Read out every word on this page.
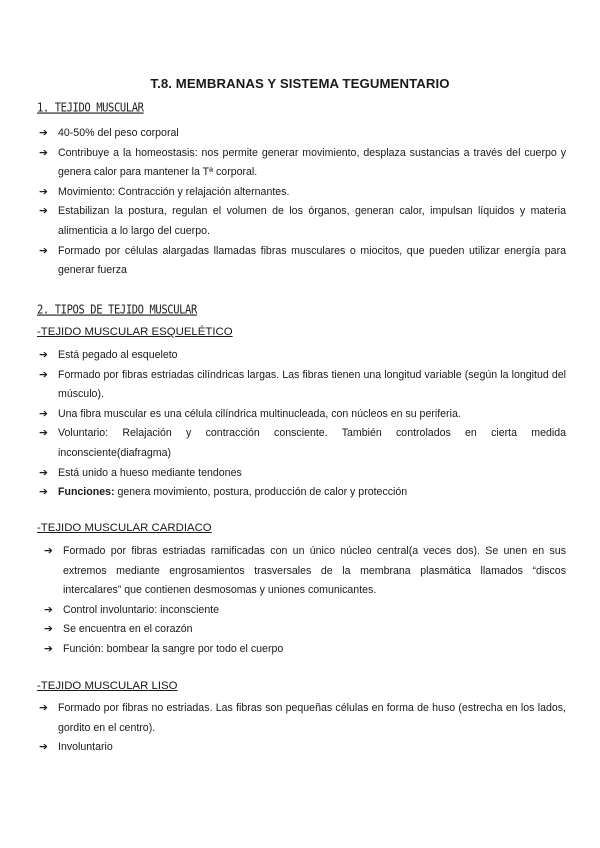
T.8. MEMBRANAS Y SISTEMA TEGUMENTARIO
1. TEJIDO MUSCULAR
➔ 40-50% del peso corporal
➔ Contribuye a la homeostasis: nos permite generar movimiento, desplaza sustancias a través del cuerpo y genera calor para mantener la Tª corporal.
➔ Movimiento: Contracción y relajación alternantes.
➔ Estabilizan la postura, regulan el volumen de los órganos, generan calor, impulsan líquidos y materia alimenticia a lo largo del cuerpo.
➔ Formado por células alargadas llamadas fibras musculares o miocitos, que pueden utilizar energía para generar fuerza
2. TIPOS DE TEJIDO MUSCULAR
-TEJIDO MUSCULAR ESQUELÉTICO
➔ Está pegado al esqueleto
➔ Formado por fibras estriadas cilíndricas largas. Las fibras tienen una longitud variable (según la longitud del músculo).
➔ Una fibra muscular es una célula cilíndrica multinucleada, con núcleos en su periferia.
➔ Voluntario: Relajación y contracción consciente. También controlados en cierta medida inconsciente(diafragma)
➔ Está unido a hueso mediante tendones
➔ Funciones: genera movimiento, postura, producción de calor y protección
-TEJIDO MUSCULAR CARDIACO
➔ Formado por fibras estriadas ramificadas con un único núcleo central(a veces dos). Se unen en sus extremos mediante engrosamientos trasversales de la membrana plasmática llamados “discos intercalares” que contienen desmosomas y uniones comunicantes.
➔ Control involuntario: inconsciente
➔ Se encuentra en el corazón
➔ Función: bombear la sangre por todo el cuerpo
-TEJIDO MUSCULAR LISO
➔ Formado por fibras no estriadas. Las fibras son pequeñas células en forma de huso (estrecha en los lados, gordito en el centro).
➔ Involuntario
